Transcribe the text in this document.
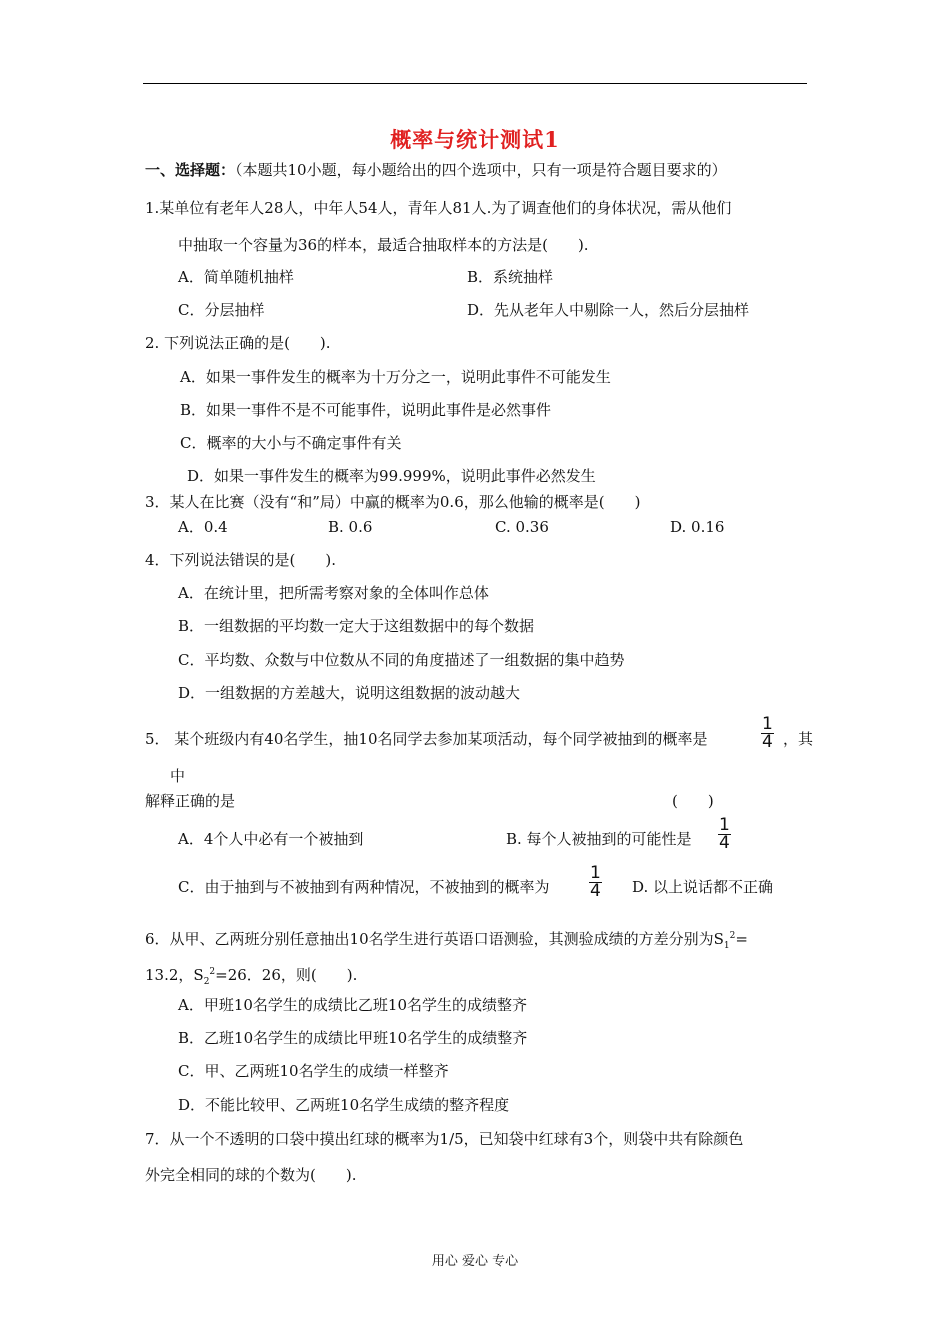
概率与统计测试1
一、选择题：（本题共10小题，每小题给出的四个选项中，只有一项是符合题目要求的）
1.某单位有老年人28人，中年人54人，青年人81人.为了调查他们的身体状况，需从他们
中抽取一个容量为36的样本，最适合抽取样本的方法是(　　).
A．简单随机抽样	B．系统抽样
C．分层抽样	D．先从老年人中剔除一人，然后分层抽样
2. 下列说法正确的是(　　).
A．如果一事件发生的概率为十万分之一，说明此事件不可能发生
B．如果一事件不是不可能事件，说明此事件是必然事件
C．概率的大小与不确定事件有关
D．如果一事件发生的概率为99.999%，说明此事件必然发生
3．某人在比赛（没有“和”局）中赢的概率为0.6，那么他输的概率是(　　)
A．0.4	B. 0.6	C. 0.36	D. 0.16
4．下列说法错误的是(　　).
A．在统计里，把所需考察对象的全体叫作总体
B．一组数据的平均数一定大于这组数据中的每个数据
C．平均数、众数与中位数从不同的角度描述了一组数据的集中趋势
D．一组数据的方差越大，说明这组数据的波动越大
5． 某个班级内有40名学生，抽10名同学去参加某项活动，每个同学被抽到的概率是	$\frac{1}{4}$ ，其
中
解释正确的是	(　　)
A．4个人中必有一个被抽到	B. 每个人被抽到的可能性是 $\frac{1}{4}$
C．由于抽到与不被抽到有两种情况，不被抽到的概率为 $\frac{1}{4} D$. 以上说话都不正确
6．从甲、乙两班分别任意抽出10名学生进行英语口语测验，其测验成绩的方差分别为$S_1^2=$
13.2，$S_2^2=26$．26，则(　　).
A．甲班10名学生的成绩比乙班10名学生的成绩整齐
B．乙班10名学生的成绩比甲班10名学生的成绩整齐
C．甲、乙两班10名学生的成绩一样整齐
D．不能比较甲、乙两班10名学生成绩的整齐程度
7．从一个不透明的口袋中摸出红球的概率为1/5，已知袋中红球有3个，则袋中共有除颜色
外完全相同的球的个数为(　　).
用心 爱心 专心
